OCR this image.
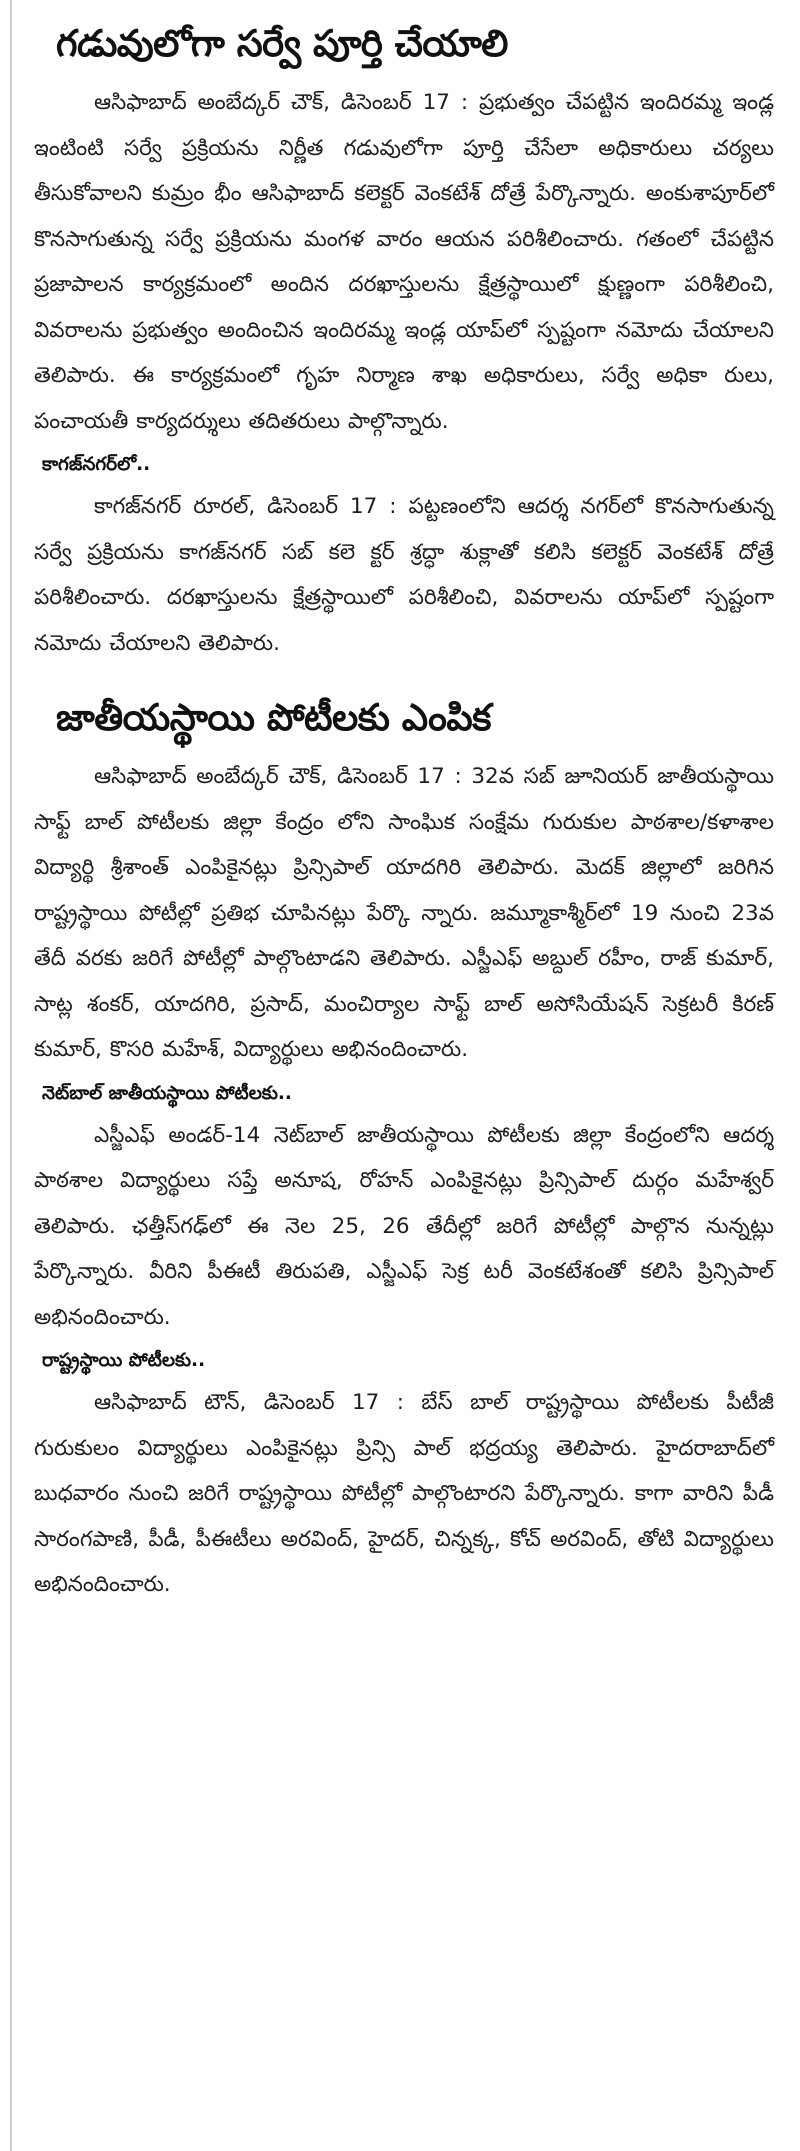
గడువులోగా సర్వే పూర్తి చేయాలి

ఆసిఫాబాద్ అంబేద్కర్ చౌక్, డిసెంబర్ 17 : ప్రభుత్వం చేపట్టిన ఇందిరమ్మ ఇండ్ల ఇంటింటి సర్వే ప్రక్రియను నిర్ణీత గడువులోగా పూర్తి చేసేలా అధికారులు చర్యలు తీసుకోవాలని కుమ్రం భీం ఆసిఫాబాద్ కలెక్టర్ వెంకటేశ్ దోత్రే పేర్కొన్నారు. అంకుశాపూర్‌లో కొనసాగుతున్న సర్వే ప్రక్రియను మంగళ వారం ఆయన పరిశీలించారు. గతంలో చేపట్టిన ప్రజాపాలన కార్యక్రమంలో అందిన దరఖాస్తులను క్షేత్రస్థాయిలో క్షుణ్ణంగా పరిశీలించి, వివరాలను ప్రభుత్వం అందించిన ఇందిరమ్మ ఇండ్ల యాప్‌లో స్పష్టంగా నమోదు చేయాలని తెలిపారు. ఈ కార్యక్రమంలో గృహ నిర్మాణ శాఖ అధికారులు, సర్వే అధికా రులు, పంచాయతీ కార్యదర్శులు తదితరులు పాల్గొన్నారు.

కాగజ్‌నగర్‌లో..

కాగజ్‌నగర్ రూరల్, డిసెంబర్ 17 : పట్టణంలోని ఆదర్శ నగర్‌లో కొనసాగుతున్న సర్వే ప్రక్రియను కాగజ్‌నగర్ సబ్ కలె క్టర్ శ్రద్ధా శుక్లాతో కలిసి కలెక్టర్ వెంకటేశ్ దోత్రే పరిశీలించారు. దరఖాస్తులను క్షేత్రస్థాయిలో పరిశీలించి, వివరాలను యాప్‌లో స్పష్టంగా నమోదు చేయాలని తెలిపారు.

జాతీయస్థాయి పోటీలకు ఎంపిక

ఆసిఫాబాద్ అంబేద్కర్ చౌక్, డిసెంబర్ 17 : 32వ సబ్ జూనియర్ జాతీయస్థాయి సాఫ్ట్ బాల్ పోటీలకు జిల్లా కేంద్రం లోని సాంఘిక సంక్షేమ గురుకుల పాఠశాల/కళాశాల విద్యార్థి శ్రీశాంత్ ఎంపికైనట్లు ప్రిన్సిపాల్ యాదగిరి తెలిపారు. మెదక్ జిల్లాలో జరిగిన రాష్ట్రస్థాయి పోటీల్లో ప్రతిభ చూపినట్లు పేర్కొ న్నారు. జమ్మూకాశ్మీర్‌లో 19 నుంచి 23వ తేదీ వరకు జరిగే పోటీల్లో పాల్గొంటాడని తెలిపారు. ఎస్జీఎఫ్ అబ్దుల్ రహీం, రాజ్ కుమార్, సాట్ల శంకర్, యాదగిరి, ప్రసాద్, మంచిర్యాల సాఫ్ట్ బాల్ అసోసియేషన్ సెక్రటరీ కిరణ్ కుమార్, కొసరి మహేశ్, విద్యార్థులు అభినందించారు.

నెట్‌బాల్ జాతీయస్థాయి పోటీలకు..

ఎస్జీఎఫ్ అండర్-14 నెట్‌బాల్ జాతీయస్థాయి పోటీలకు జిల్లా కేంద్రంలోని ఆదర్శ పాఠశాల విద్యార్థులు సప్తే అనూష, రోహన్ ఎంపికైనట్లు ప్రిన్సిపాల్ దుర్గం మహేశ్వర్ తెలిపారు. ఛత్తీస్‌గఢ్‌లో ఈ నెల 25, 26 తేదీల్లో జరిగే పోటీల్లో పాల్గొన నున్నట్లు పేర్కొన్నారు. వీరిని పీఈటీ తిరుపతి, ఎస్జీఎఫ్ సెక్ర టరీ వెంకటేశంతో కలిసి ప్రిన్సిపాల్ అభినందించారు.

రాష్ట్రస్థాయి పోటీలకు..

ఆసిఫాబాద్ టౌన్, డిసెంబర్ 17 : బేస్ బాల్ రాష్ట్రస్థాయి పోటీలకు పీటీజీ గురుకులం విద్యార్థులు ఎంపికైనట్లు ప్రిన్సి పాల్ భద్రయ్య తెలిపారు. హైదరాబాద్‌లో బుధవారం నుంచి జరిగే రాష్ట్రస్థాయి పోటీల్లో పాల్గొంటారని పేర్కొన్నారు. కాగా వారిని పీడీ సారంగపాణి, పీడీ, పీఈటీలు అరవింద్, హైదర్, చిన్నక్క, కోచ్ అరవింద్, తోటి విద్యార్థులు అభినందించారు.
